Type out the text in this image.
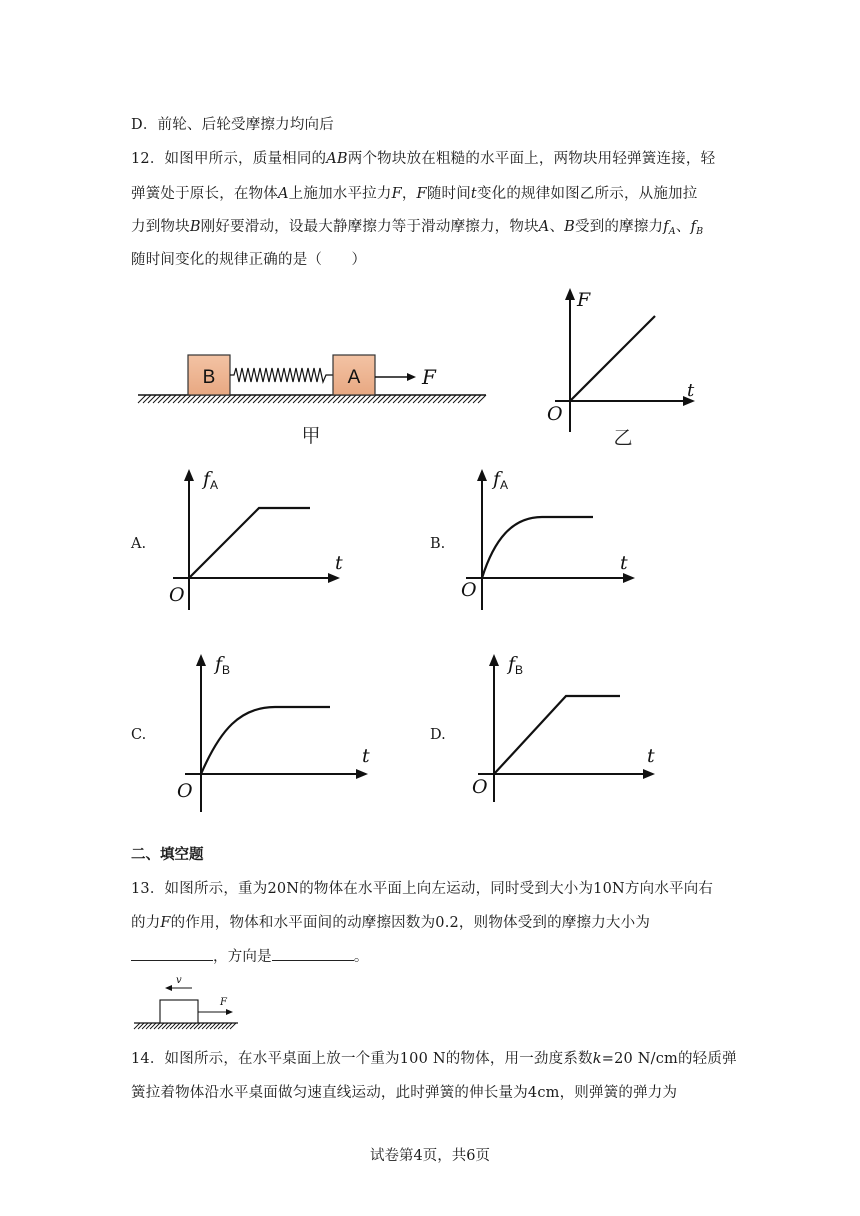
D．前轮、后轮受摩擦力均向后
12．如图甲所示，质量相同的AB两个物块放在粗糙的水平面上，两物块用轻弹簧连接，轻
弹簧处于原长，在物体A上施加水平拉力F，F随时间t变化的规律如图乙所示，从施加拉
力到物块B刚好要滑动，设最大静摩擦力等于滑动摩擦力，物块A、B受到的摩擦力$f_A$、$f_B$
随时间变化的规律正确的是（　　）
B	A	F
甲
F
t
O
乙
A.
$f_A$
t
O
B.
$f_A$
t
O
C.
$f_B$
t
O
D.
$f_B$
t
O
二、填空题
13．如图所示，重为20N的物体在水平面上向左运动，同时受到大小为10N方向水平向右
的力F的作用，物体和水平面间的动摩擦因数为0.2，则物体受到的摩擦力大小为
，方向是	。
v
F
14．如图所示，在水平桌面上放一个重为100 N的物体，用一劲度系数k=20 N/cm的轻质弹
簧拉着物体沿水平桌面做匀速直线运动，此时弹簧的伸长量为4cm，则弹簧的弹力为
试卷第4页，共6页
